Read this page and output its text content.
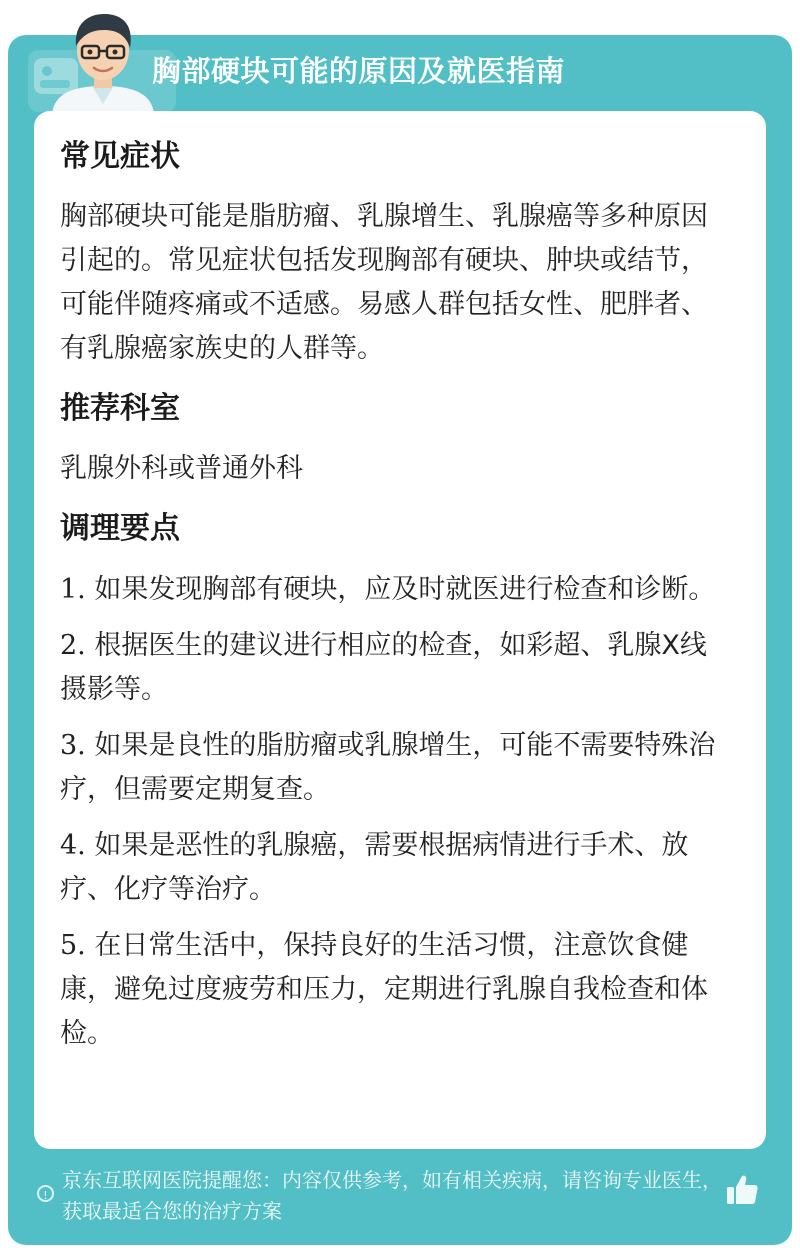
胸部硬块可能的原因及就医指南
常见症状

胸部硬块可能是脂肪瘤、乳腺增生、乳腺癌等多种原因引起的。常见症状包括发现胸部有硬块、肿块或结节，可能伴随疼痛或不适感。易感人群包括女性、肥胖者、有乳腺癌家族史的人群等。

推荐科室

乳腺外科或普通外科

调理要点

1. 如果发现胸部有硬块，应及时就医进行检查和诊断。

2. 根据医生的建议进行相应的检查，如彩超、乳腺X线摄影等。

3. 如果是良性的脂肪瘤或乳腺增生，可能不需要特殊治疗，但需要定期复查。

4. 如果是恶性的乳腺癌，需要根据病情进行手术、放疗、化疗等治疗。

5. 在日常生活中，保持良好的生活习惯，注意饮食健康，避免过度疲劳和压力，定期进行乳腺自我检查和体检。

!
京东互联网医院提醒您：内容仅供参考，如有相关疾病，请咨询专业医生，获取最适合您的治疗方案
